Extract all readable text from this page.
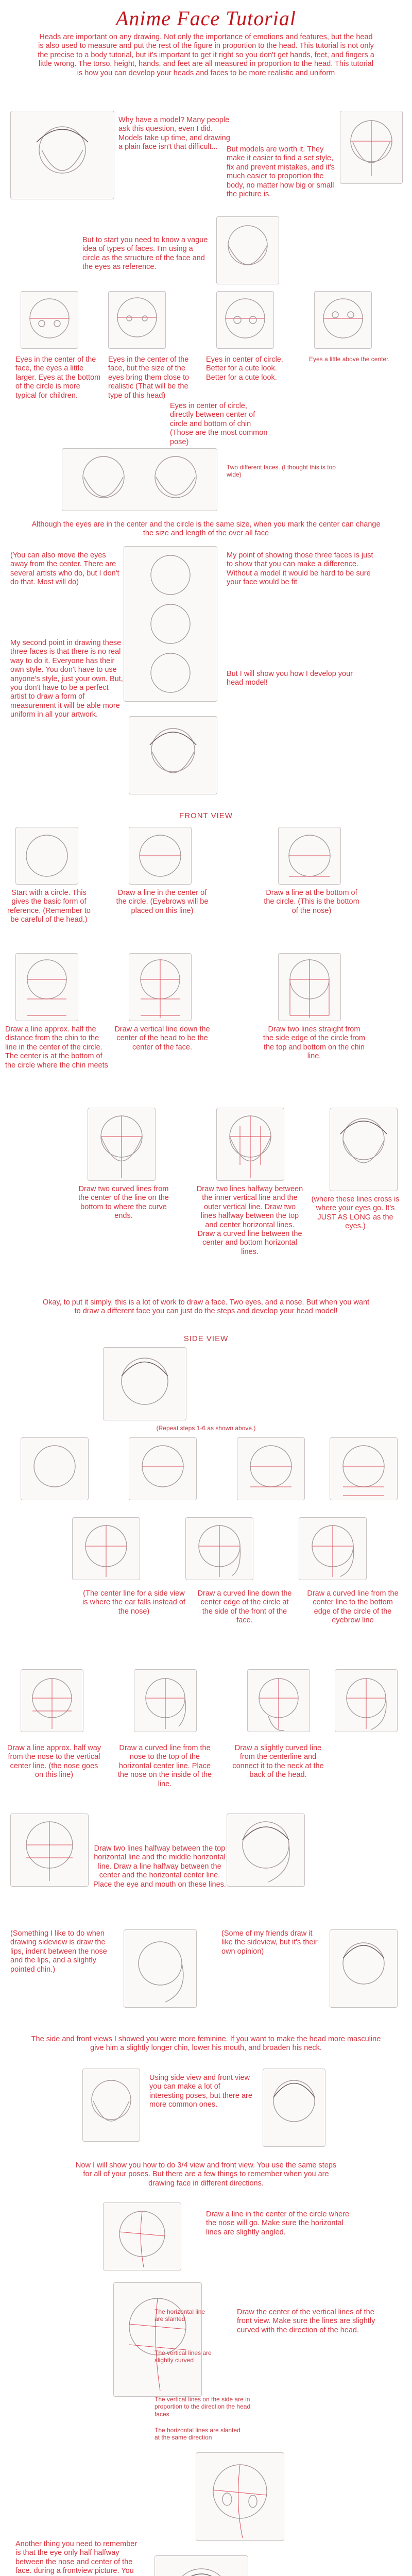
Anime Face Tutorial
Heads are important on any drawing. Not only the importance of emotions and features, but the head is also used to measure and put the rest of the figure in proportion to the head. This tutorial is not only the precise to a body tutorial, but it's important to get it right so you don't get hands, feet, and fingers a little wrong. The torso, height, hands, and feet are all measured in proportion to the head. This tutorial is how you can develop your heads and faces to be more realistic and uniform
Why have a model? Many people ask this question, even I did. Models take up time, and drawing a plain face isn't that difficult...	But models are worth it. They make it easier to find a set style, fix and prevent mistakes, and it's much easier to proportion the body, no matter how big or small the picture is.
But to start you need to know a vague idea of types of faces. I'm using a circle as the structure of the face and the eyes as reference.
Eyes in the center of the face, the eyes a little larger. Eyes at the bottom of the circle is more typical for children.
Eyes in the center of the face, but the size of the eyes bring them close to realistic (That will be the type of this head)
Eyes in center of circle. Better for a cute look. Better for a cute look.
Eyes a little above the center.
Eyes in center of circle, directly between center of circle and bottom of chin (Those are the most common pose)
Two different faces. (I thought this is too wide)
Although the eyes are in the center and the circle is the same size, when you mark the center can change the size and length of the over all face
(You can also move the eyes away from the center. There are several artists who do, but I don't do that. Most will do)
My point of showing those three faces is just to show that you can make a difference. Without a model it would be hard to be sure your face would be fit
My second point in drawing these three faces is that there is no real way to do it. Everyone has their own style. You don't have to use anyone's style, just your own. But, you don't have to be a perfect artist to draw a form of measurement it will be able more uniform in all your artwork.
But I will show you how I develop your head model!
FRONT VIEW
Start with a circle. This gives the basic form of reference. (Remember to be careful of the head.)
Draw a line in the center of the circle. (Eyebrows will be placed on this line)
Draw a line at the bottom of the circle. (This is the bottom of the nose)
Draw a line approx. half the distance from the chin to the line in the center of the circle. The center is at the bottom of the circle where the chin meets
Draw a vertical line down the center of the head to be the center of the face.
Draw two lines straight from the side edge of the circle from the top and bottom on the chin line.
Draw two curved lines from the center of the line on the bottom to where the curve ends.
Draw two lines halfway between the inner vertical line and the outer vertical line. Draw two lines halfway between the top and center horizontal lines. Draw a curved line between the center and bottom horizontal lines.
(where these lines cross is where your eyes go. It's JUST AS LONG as the eyes.)
Okay, to put it simply, this is a lot of work to draw a face. Two eyes, and a nose. But when you want to draw a different face you can just do the steps and develop your head model!
SIDE VIEW
(Repeat steps 1-6 as shown above.)
(The center line for a side view is where the ear falls instead of the nose)
Draw a curved line down the center edge of the circle at the side of the front of the face.
Draw a curved line from the center line to the bottom edge of the circle of the eyebrow line
Draw a line approx. half way from the nose to the vertical center line. (the nose goes on this line)
Draw a curved line from the nose to the top of the horizontal center line. Place the nose on the inside of the line.
Draw a slightly curved line from the centerline and connect it to the neck at the back of the head.
Draw two lines halfway between the top horizontal line and the middle horizontal line. Draw a line halfway between the center and the horizontal center line. Place the eye and mouth on these lines.
(Something I like to do when drawing sideview is draw the lips, indent between the nose and the lips, and a slightly pointed chin.)
(Some of my friends draw it like the sideview, but it's their own opinion)
The side and front views I showed you were more feminine. If you want to make the head more masculine give him a slightly longer chin, lower his mouth, and broaden his neck.
Using side view and front view you can make a lot of interesting poses, but there are more common ones.
Now I will show you how to do 3/4 view and front view. You use the same steps for all of your poses. But there are a few things to remember when you are drawing face in different directions.
Draw a line in the center of the circle where the nose will go. Make sure the horizontal lines are slightly angled.
The horizontal line are slanted
The vertical lines are slightly curved
Draw the center of the vertical lines of the front view. Make sure the lines are slightly curved with the direction of the head.
The vertical lines on the side are in proportion to the direction the head faces
The horizontal lines are slanted at the same direction
Another thing you need to remember is that the eye only half halfway between the nose and center of the face. during a frontview picture. You
